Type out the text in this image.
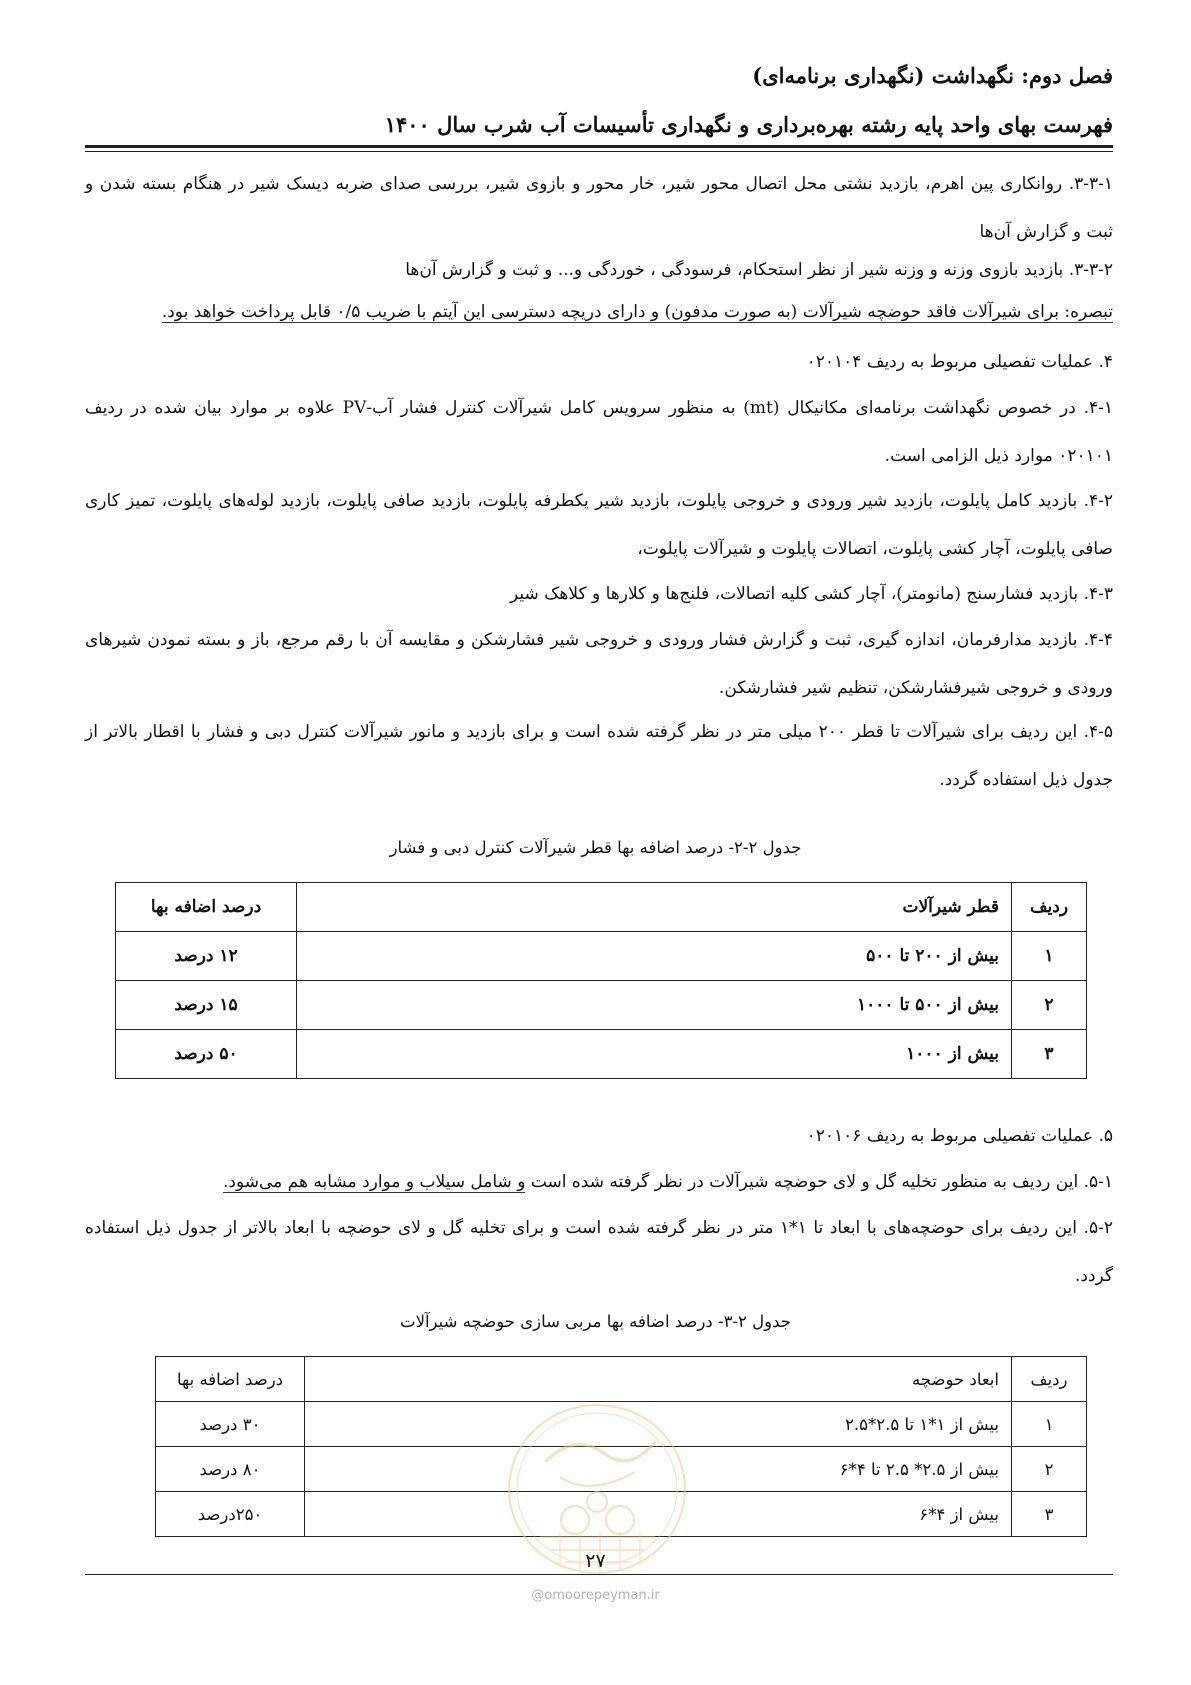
فصل دوم: نگهداشت (نگهداری برنامه‌ای)
فهرست بهای واحد پایه رشته بهره‌برداری و نگهداری تأسیسات آب شرب سال ۱۴۰۰
۳-۳-۱. روانکاری پین اهرم، بازدید نشتی محل اتصال محور شیر، خار محور و بازوی شیر، بررسی صدای ضربه دیسک شیر در هنگام بسته شدن و ثبت و گزارش آن‌ها
۳-۳-۲. بازدید بازوی وزنه و وزنه شیر از نظر استحکام، فرسودگی ، خوردگی و... و ثبت و گزارش آن‌ها
تبصره: برای شیرآلات فاقد حوضچه شیرآلات (به صورت مدفون) و دارای دریچه دسترسی این آیتم با ضریب ۰/۵ قابل پرداخت خواهد بود.
۴. عملیات تفصیلی مربوط به ردیف ۰۲۰۱۰۴
۴-۱. در خصوص نگهداشت برنامه‌ای مکانیکال (mt) به منظور سرویس کامل شیرآلات کنترل فشار آب-PV علاوه بر موارد بیان شده در ردیف ۰۲۰۱۰۱ موارد ذیل الزامی است.
۴-۲. بازدید کامل پایلوت، بازدید شیر ورودی و خروجی پایلوت، بازدید شیر یکطرفه پایلوت، بازدید صافی پایلوت، بازدید لوله‌های پایلوت، تمیز کاری صافی پایلوت، آچار کشی پایلوت، اتصالات پایلوت و شیرآلات پایلوت،
۴-۳. بازدید فشارسنج (مانومتر)، آچار کشی کلیه اتصالات، فلنج‌ها و کلارها و کلاهک شیر
۴-۴. بازدید مدارفرمان، اندازه گیری، ثبت و گزارش فشار ورودی و خروجی شیر فشارشکن و مقایسه آن با رقم مرجع، باز و بسته نمودن شیرهای ورودی و خروجی شیرفشارشکن، تنظیم شیر فشارشکن.
۴-۵. این ردیف برای شیرآلات تا قطر ۲۰۰ میلی متر در نظر گرفته شده است و برای بازدید و مانور شیرآلات کنترل دبی و فشار با اقطار بالاتر از جدول ذیل استفاده گردد.
جدول ۲-۲- درصد اضافه بها قطر شیرآلات کنترل دبی و فشار
ردیف	قطر شیرآلات	درصد اضافه بها
۱	بیش از ۲۰۰ تا ۵۰۰	۱۲ درصد
۲	بیش از ۵۰۰ تا ۱۰۰۰	۱۵ درصد
۳	بیش از ۱۰۰۰	۵۰ درصد
۵. عملیات تفصیلی مربوط به ردیف ۰۲۰۱۰۶
۵-۱. این ردیف به منظور تخلیه گل و لای حوضچه شیرآلات در نظر گرفته شده است و شامل سیلاب و موارد مشابه هم می‌شود.
۵-۲. این ردیف برای حوضچه‌های با ابعاد تا ۱*۱ متر در نظر گرفته شده است و برای تخلیه گل و لای حوضچه با ابعاد بالاتر از جدول ذیل استفاده گردد.
جدول ۲-۳- درصد اضافه بها مربی سازی حوضچه شیرآلات
ردیف	ابعاد حوضچه	درصد اضافه بها
۱	بیش از ۱*۱ تا ۲.۵*۲.۵	۳۰ درصد
۲	بیش از ۲.۵* ۲.۵ تا ۴*۶	۸۰ درصد
۳	بیش از ۴*۶	۲۵۰درصد
۲۷
@omoorepeyman.ir
